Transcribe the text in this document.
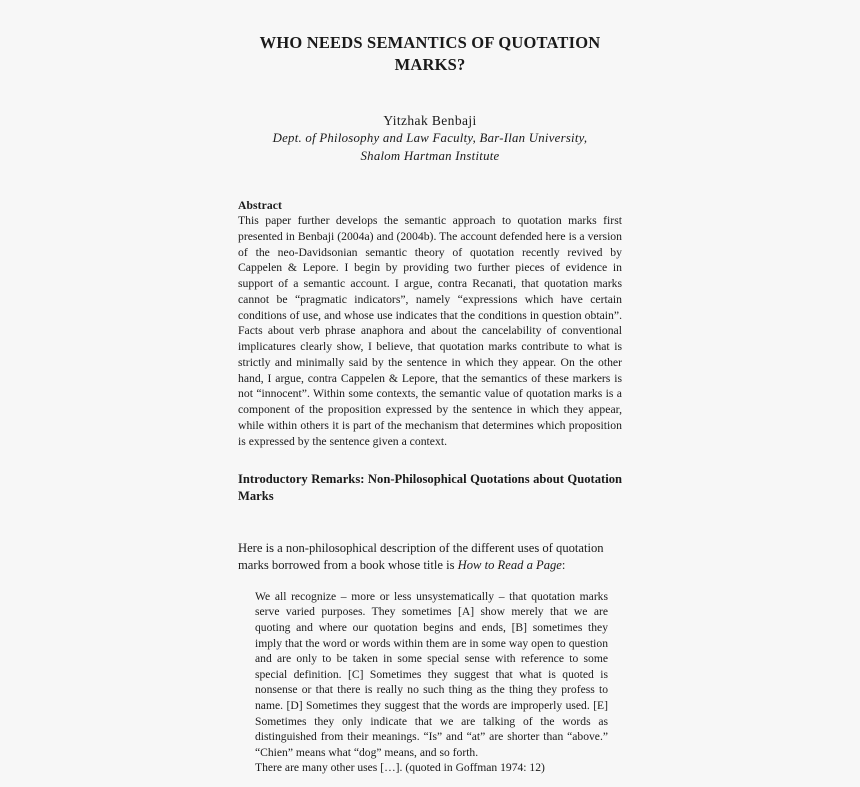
WHO NEEDS SEMANTICS OF QUOTATION MARKS?
Yitzhak Benbaji
Dept. of Philosophy and Law Faculty, Bar-Ilan University,
Shalom Hartman Institute
Abstract

This paper further develops the semantic approach to quotation marks first presented in Benbaji (2004a) and (2004b). The account defended here is a version of the neo-Davidsonian semantic theory of quotation recently revived by Cappelen & Lepore. I begin by providing two further pieces of evidence in support of a semantic account. I argue, contra Recanati, that quotation marks cannot be “pragmatic indicators”, namely “expressions which have certain conditions of use, and whose use indicates that the conditions in question obtain”. Facts about verb phrase anaphora and about the cancelability of conventional implicatures clearly show, I believe, that quotation marks contribute to what is strictly and minimally said by the sentence in which they appear. On the other hand, I argue, contra Cappelen & Lepore, that the semantics of these markers is not “innocent”. Within some contexts, the semantic value of quotation marks is a component of the proposition expressed by the sentence in which they appear, while within others it is part of the mechanism that determines which proposition is expressed by the sentence given a context.

Introductory Remarks: Non-Philosophical Quotations about Quotation Marks

Here is a non-philosophical description of the different uses of quotation marks borrowed from a book whose title is How to Read a Page:

We all recognize – more or less unsystematically – that quotation marks serve varied purposes. They sometimes [A] show merely that we are quoting and where our quotation begins and ends, [B] sometimes they imply that the word or words within them are in some way open to question and are only to be taken in some special sense with reference to some special definition. [C] Sometimes they suggest that what is quoted is nonsense or that there is really no such thing as the thing they profess to name. [D] Sometimes they suggest that the words are improperly used. [E] Sometimes they only indicate that we are talking of the words as distinguished from their meanings. “Is” and “at” are shorter than “above.” “Chien” means what “dog” means, and so forth.

There are many other uses […]. (quoted in Goffman 1974: 12)
